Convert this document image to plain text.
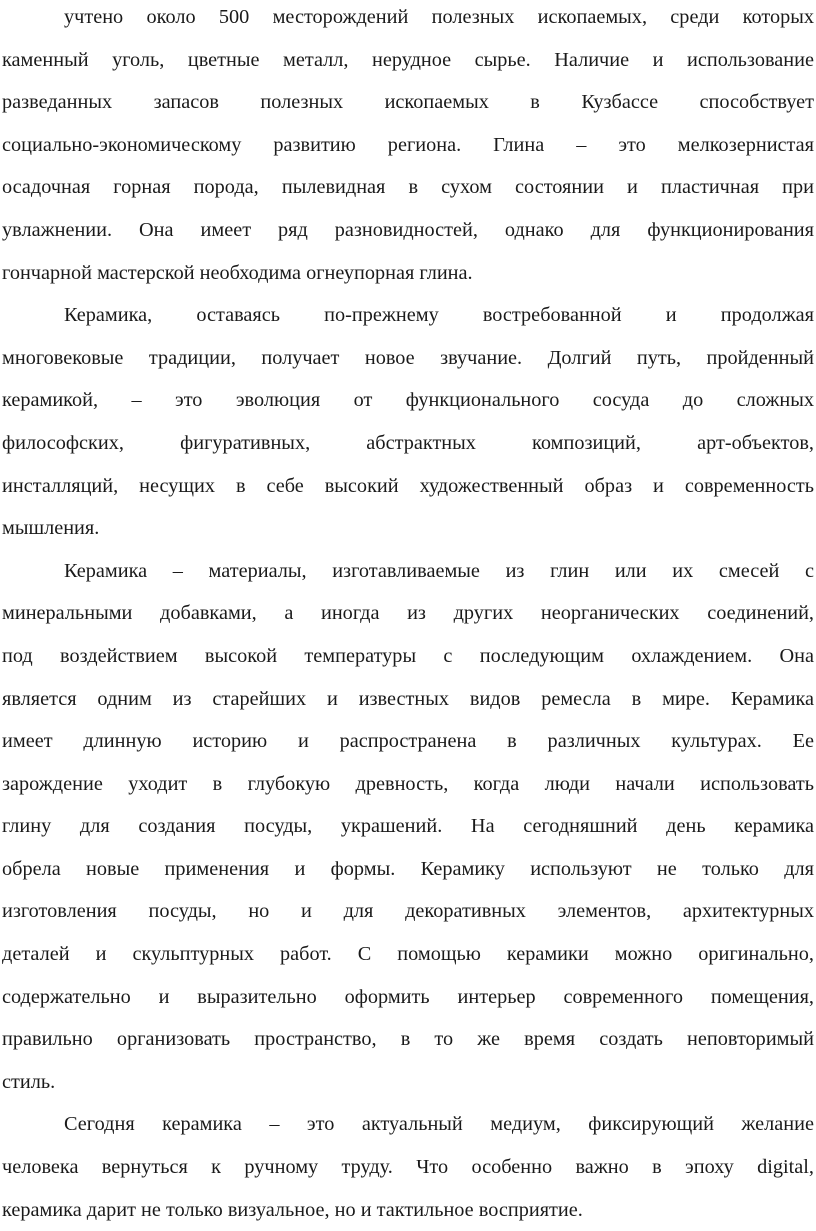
учтено около 500 месторождений полезных ископаемых, среди которых
каменный уголь, цветные металл, нерудное сырье. Наличие и использование
разведанных запасов полезных ископаемых в Кузбассе способствует
социально-экономическому развитию региона. Глина – это мелкозернистая
осадочная горная порода, пылевидная в сухом состоянии и пластичная при
увлажнении. Она имеет ряд разновидностей, однако для функционирования
гончарной мастерской необходима огнеупорная глина.
Керамика, оставаясь по-прежнему востребованной и продолжая
многовековые традиции, получает новое звучание. Долгий путь, пройденный
керамикой, – это эволюция от функционального сосуда до сложных
философских, фигуративных, абстрактных композиций, арт-объектов,
инсталляций, несущих в себе высокий художественный образ и современность
мышления.
Керамика – материалы, изготавливаемые из глин или их смесей с
минеральными добавками, а иногда из других неорганических соединений,
под воздействием высокой температуры с последующим охлаждением. Она
является одним из старейших и известных видов ремесла в мире. Керамика
имеет длинную историю и распространена в различных культурах. Ее
зарождение уходит в глубокую древность, когда люди начали использовать
глину для создания посуды, украшений. На сегодняшний день керамика
обрела новые применения и формы. Керамику используют не только для
изготовления посуды, но и для декоративных элементов, архитектурных
деталей и скульптурных работ. С помощью керамики можно оригинально,
содержательно и выразительно оформить интерьер современного помещения,
правильно организовать пространство, в то же время создать неповторимый
стиль.
Сегодня керамика – это актуальный медиум, фиксирующий желание
человека вернуться к ручному труду. Что особенно важно в эпоху digital,
керамика дарит не только визуальное, но и тактильное восприятие.
